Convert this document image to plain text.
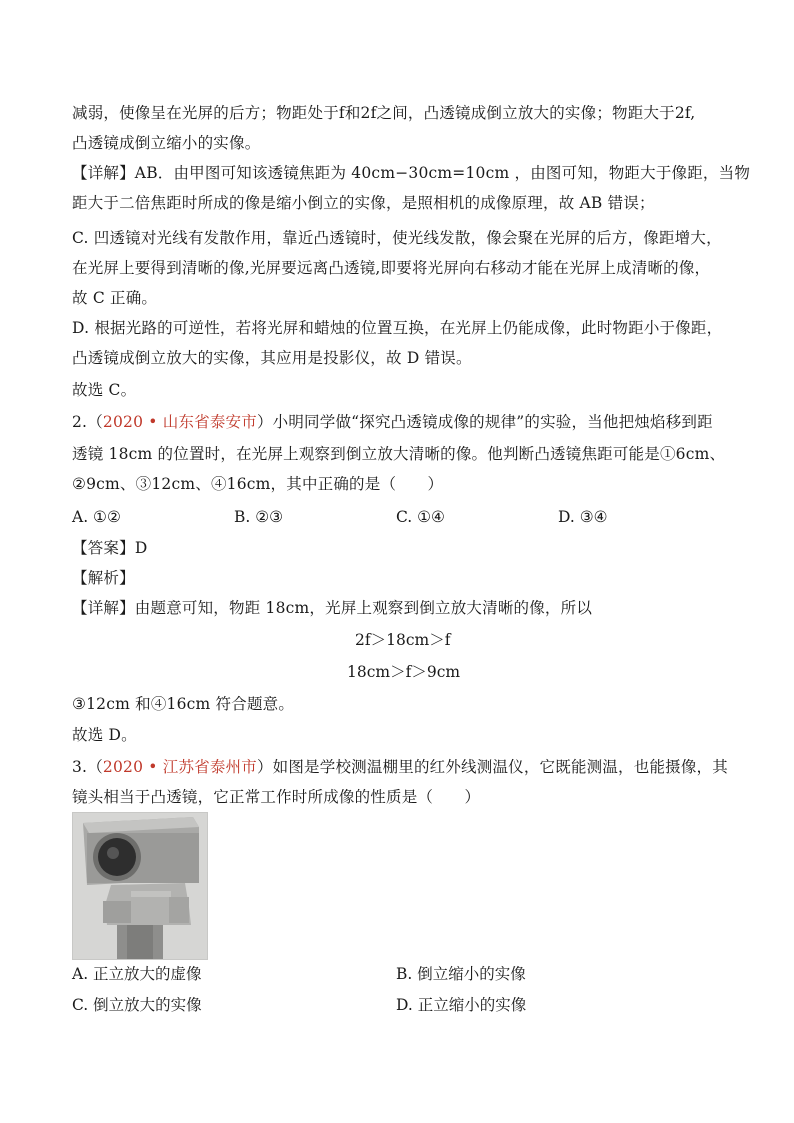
减弱，使像呈在光屏的后方；物距处于f和2f之间，凸透镜成倒立放大的实像；物距大于2f,
凸透镜成倒立缩小的实像。
【详解】AB．由甲图可知该透镜焦距为 40cm−30cm=10cm ，由图可知，物距大于像距，当物
距大于二倍焦距时所成的像是缩小倒立的实像，是照相机的成像原理，故 AB 错误；
C. 凹透镜对光线有发散作用，靠近凸透镜时，使光线发散，像会聚在光屏的后方，像距增大，
在光屏上要得到清晰的像,光屏要远离凸透镜,即要将光屏向右移动才能在光屏上成清晰的像，
故 C 正确。
D. 根据光路的可逆性，若将光屏和蜡烛的位置互换，在光屏上仍能成像，此时物距小于像距，
凸透镜成倒立放大的实像，其应用是投影仪，故 D 错误。
故选 C。
2.（2020 • 山东省泰安市）小明同学做“探究凸透镜成像的规律”的实验，当他把烛焰移到距
透镜 18cm 的位置时，在光屏上观察到倒立放大清晰的像。他判断凸透镜焦距可能是①6cm、
②9cm、③12cm、④16cm，其中正确的是（　　）
A. ①②	B. ②③	C. ①④	D. ③④
【答案】D
【解析】
【详解】由题意可知，物距 18cm，光屏上观察到倒立放大清晰的像，所以
2f＞18cm＞f
18cm＞f＞9cm
③12cm 和④16cm 符合题意。
故选 D。
3.（2020 • 江苏省泰州市）如图是学校测温棚里的红外线测温仪，它既能测温，也能摄像，其
镜头相当于凸透镜，它正常工作时所成像的性质是（　　）
A. 正立放大的虚像	B. 倒立缩小的实像
C. 倒立放大的实像	D. 正立缩小的实像
